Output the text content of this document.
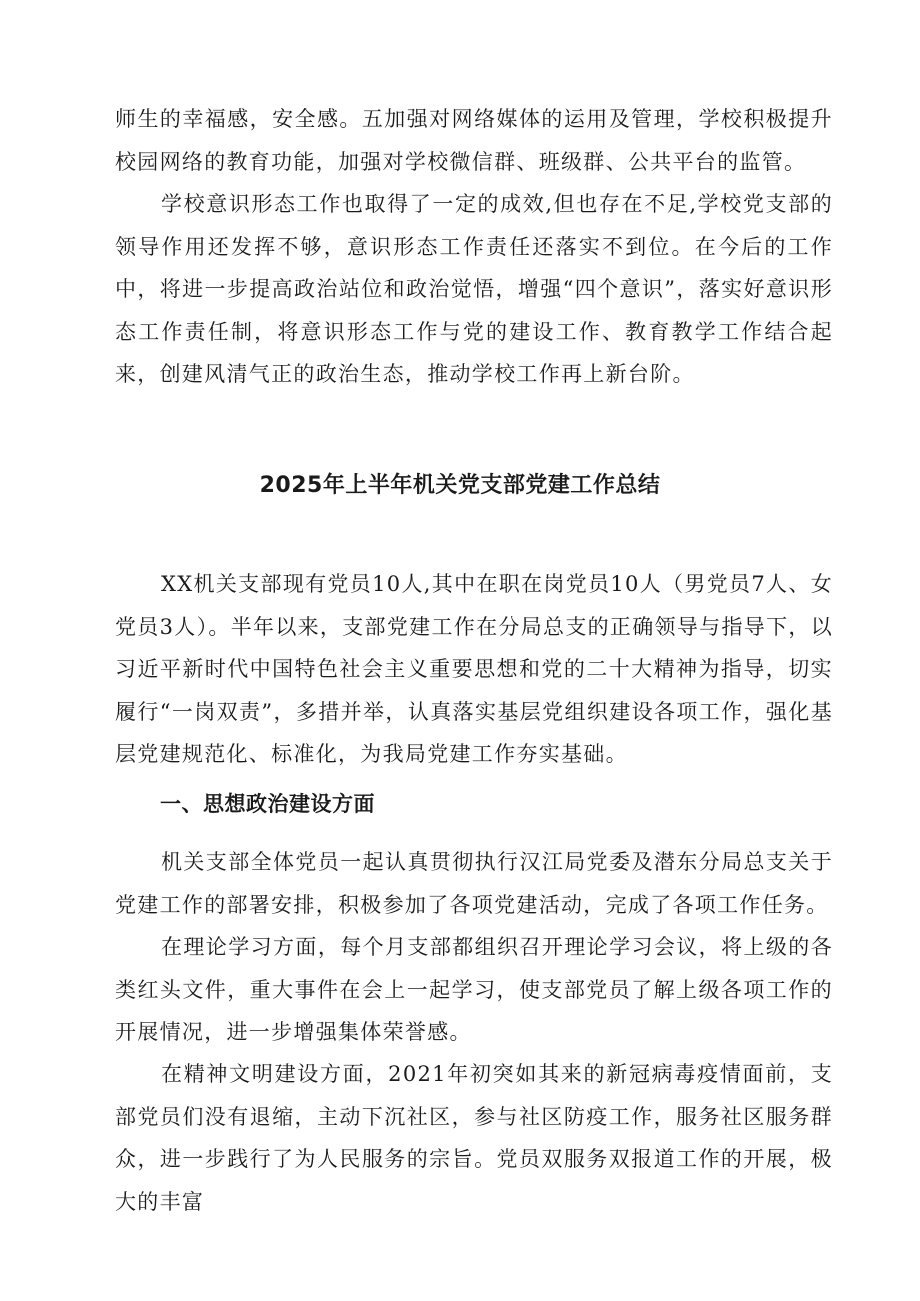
师生的幸福感，安全感。五加强对网络媒体的运用及管理，学校积极提升校园网络的教育功能，加强对学校微信群、班级群、公共平台的监管。

学校意识形态工作也取得了一定的成效,但也存在不足,学校党支部的领导作用还发挥不够，意识形态工作责任还落实不到位。在今后的工作中，将进一步提高政治站位和政治觉悟，增强“四个意识”，落实好意识形态工作责任制，将意识形态工作与党的建设工作、教育教学工作结合起来，创建风清气正的政治生态，推动学校工作再上新台阶。

2025年上半年机关党支部党建工作总结

XX机关支部现有党员10人,其中在职在岗党员10人（男党员7人、女党员3人）。半年以来，支部党建工作在分局总支的正确领导与指导下，以习近平新时代中国特色社会主义重要思想和党的二十大精神为指导，切实履行“一岗双责”，多措并举，认真落实基层党组织建设各项工作，强化基层党建规范化、标准化，为我局党建工作夯实基础。

一、思想政治建设方面

机关支部全体党员一起认真贯彻执行汉江局党委及潜东分局总支关于党建工作的部署安排，积极参加了各项党建活动，完成了各项工作任务。

在理论学习方面，每个月支部都组织召开理论学习会议，将上级的各类红头文件，重大事件在会上一起学习，使支部党员了解上级各项工作的开展情况，进一步增强集体荣誉感。

在精神文明建设方面，2021年初突如其来的新冠病毒疫情面前，支部党员们没有退缩，主动下沉社区，参与社区防疫工作，服务社区服务群众，进一步践行了为人民服务的宗旨。党员双服务双报道工作的开展，极大的丰富
